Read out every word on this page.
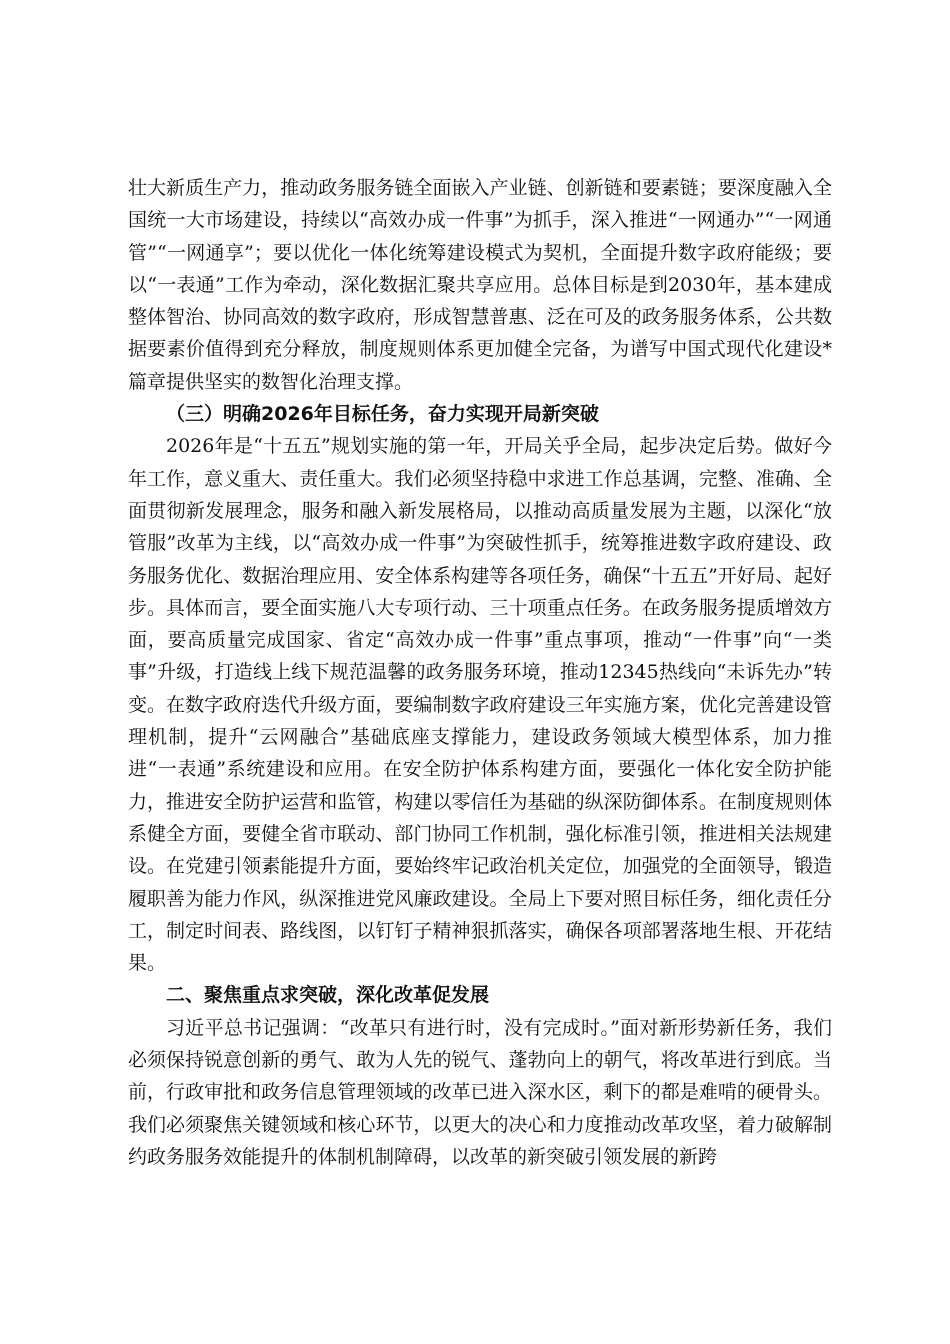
壮大新质生产力，推动政务服务链全面嵌入产业链、创新链和要素链；要深度融入全国统一大市场建设，持续以“高效办成一件事”为抓手，深入推进“一网通办”“一网通管”“一网通享”；要以优化一体化统筹建设模式为契机，全面提升数字政府能级；要以“一表通”工作为牵动，深化数据汇聚共享应用。总体目标是到2030年，基本建成整体智治、协同高效的数字政府，形成智慧普惠、泛在可及的政务服务体系，公共数据要素价值得到充分释放，制度规则体系更加健全完备，为谱写中国式现代化建设*篇章提供坚实的数智化治理支撑。

（三）明确2026年目标任务，奋力实现开局新突破

2026年是“十五五”规划实施的第一年，开局关乎全局，起步决定后势。做好今年工作，意义重大、责任重大。我们必须坚持稳中求进工作总基调，完整、准确、全面贯彻新发展理念，服务和融入新发展格局，以推动高质量发展为主题，以深化“放管服”改革为主线，以“高效办成一件事”为突破性抓手，统筹推进数字政府建设、政务服务优化、数据治理应用、安全体系构建等各项任务，确保“十五五”开好局、起好步。具体而言，要全面实施八大专项行动、三十项重点任务。在政务服务提质增效方面，要高质量完成国家、省定“高效办成一件事”重点事项，推动“一件事”向“一类事”升级，打造线上线下规范温馨的政务服务环境，推动12345热线向“未诉先办”转变。在数字政府迭代升级方面，要编制数字政府建设三年实施方案，优化完善建设管理机制，提升“云网融合”基础底座支撑能力，建设政务领域大模型体系，加力推进“一表通”系统建设和应用。在安全防护体系构建方面，要强化一体化安全防护能力，推进安全防护运营和监管，构建以零信任为基础的纵深防御体系。在制度规则体系健全方面，要健全省市联动、部门协同工作机制，强化标准引领，推进相关法规建设。在党建引领素能提升方面，要始终牢记政治机关定位，加强党的全面领导，锻造履职善为能力作风，纵深推进党风廉政建设。全局上下要对照目标任务，细化责任分工，制定时间表、路线图，以钉钉子精神狠抓落实，确保各项部署落地生根、开花结果。

二、聚焦重点求突破，深化改革促发展

习近平总书记强调：“改革只有进行时，没有完成时。”面对新形势新任务，我们必须保持锐意创新的勇气、敢为人先的锐气、蓬勃向上的朝气，将改革进行到底。当前，行政审批和政务信息管理领域的改革已进入深水区，剩下的都是难啃的硬骨头。我们必须聚焦关键领域和核心环节，以更大的决心和力度推动改革攻坚，着力破解制约政务服务效能提升的体制机制障碍，以改革的新突破引领发展的新跨
